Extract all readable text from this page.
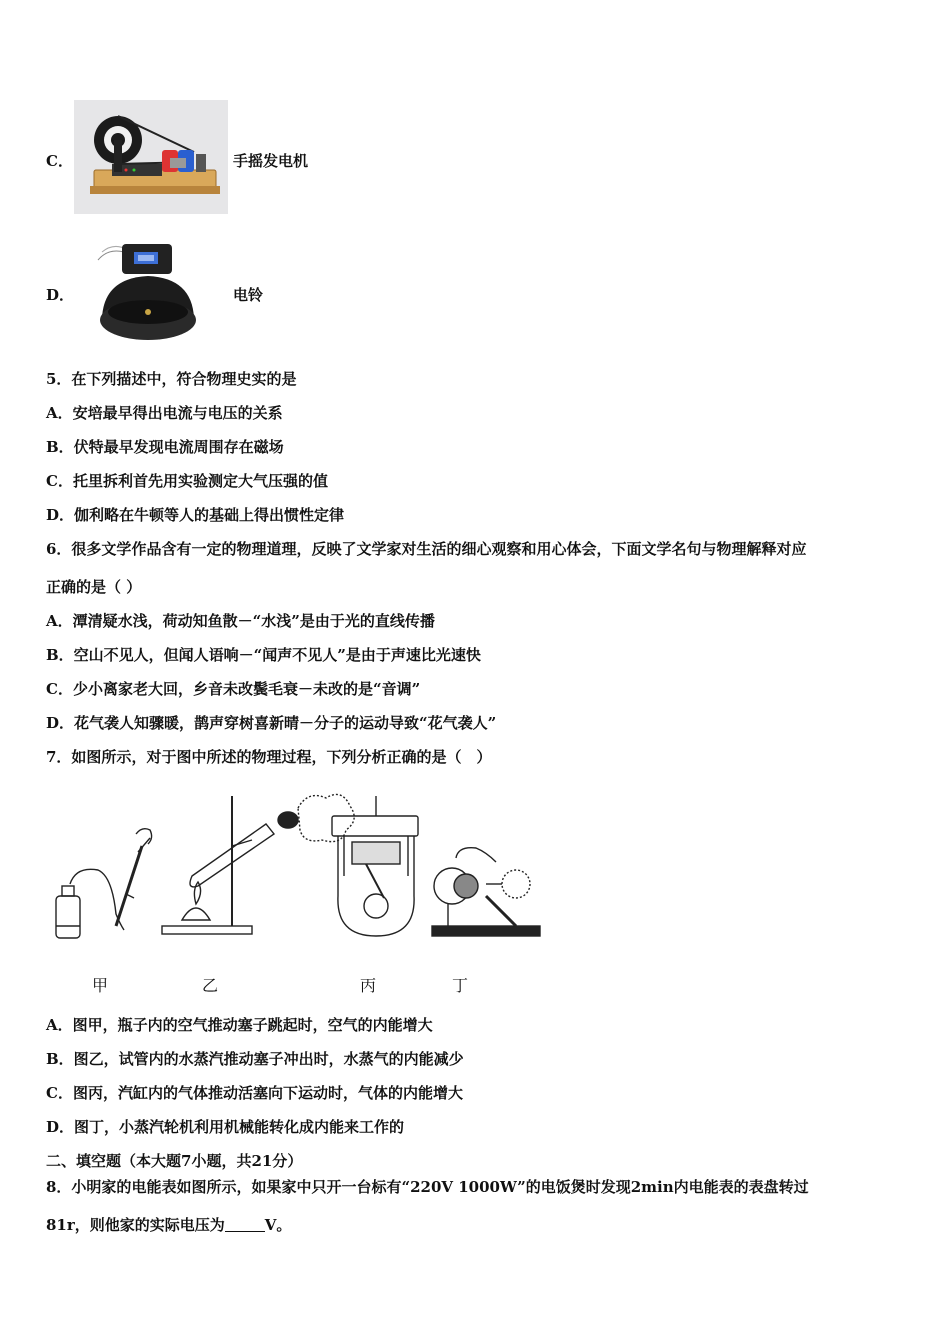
C．	手摇发电机
D．	电铃
5．在下列描述中，符合物理史实的是
A．安培最早得出电流与电压的关系
B．伏特最早发现电流周围存在磁场
C．托里拆利首先用实验测定大气压强的值
D．伽利略在牛顿等人的基础上得出惯性定律
6．很多文学作品含有一定的物理道理，反映了文学家对生活的细心观察和用心体会，下面文学名句与物理解释对应
正确的是（ ）
A．潭清疑水浅，荷动知鱼散－“水浅”是由于光的直线传播
B．空山不见人，但闻人语响－“闻声不见人”是由于声速比光速快
C．少小离家老大回，乡音未改鬓毛衰－未改的是“音调”
D．花气袭人知骤暖，鹊声穿树喜新晴－分子的运动导致“花气袭人”
7．如图所示，对于图中所述的物理过程，下列分析正确的是（　）
甲	乙	丙	丁
A．图甲，瓶子内的空气推动塞子跳起时，空气的内能增大
B．图乙，试管内的水蒸汽推动塞子冲出时，水蒸气的内能减少
C．图丙，汽缸内的气体推动活塞向下运动时，气体的内能增大
D．图丁，小蒸汽轮机利用机械能转化成内能来工作的
二、填空题（本大题7小题，共21分）
8．小明家的电能表如图所示，如果家中只开一台标有“220V 1000W”的电饭煲时发现2min内电能表的表盘转过
81r，则他家的实际电压为	V。
